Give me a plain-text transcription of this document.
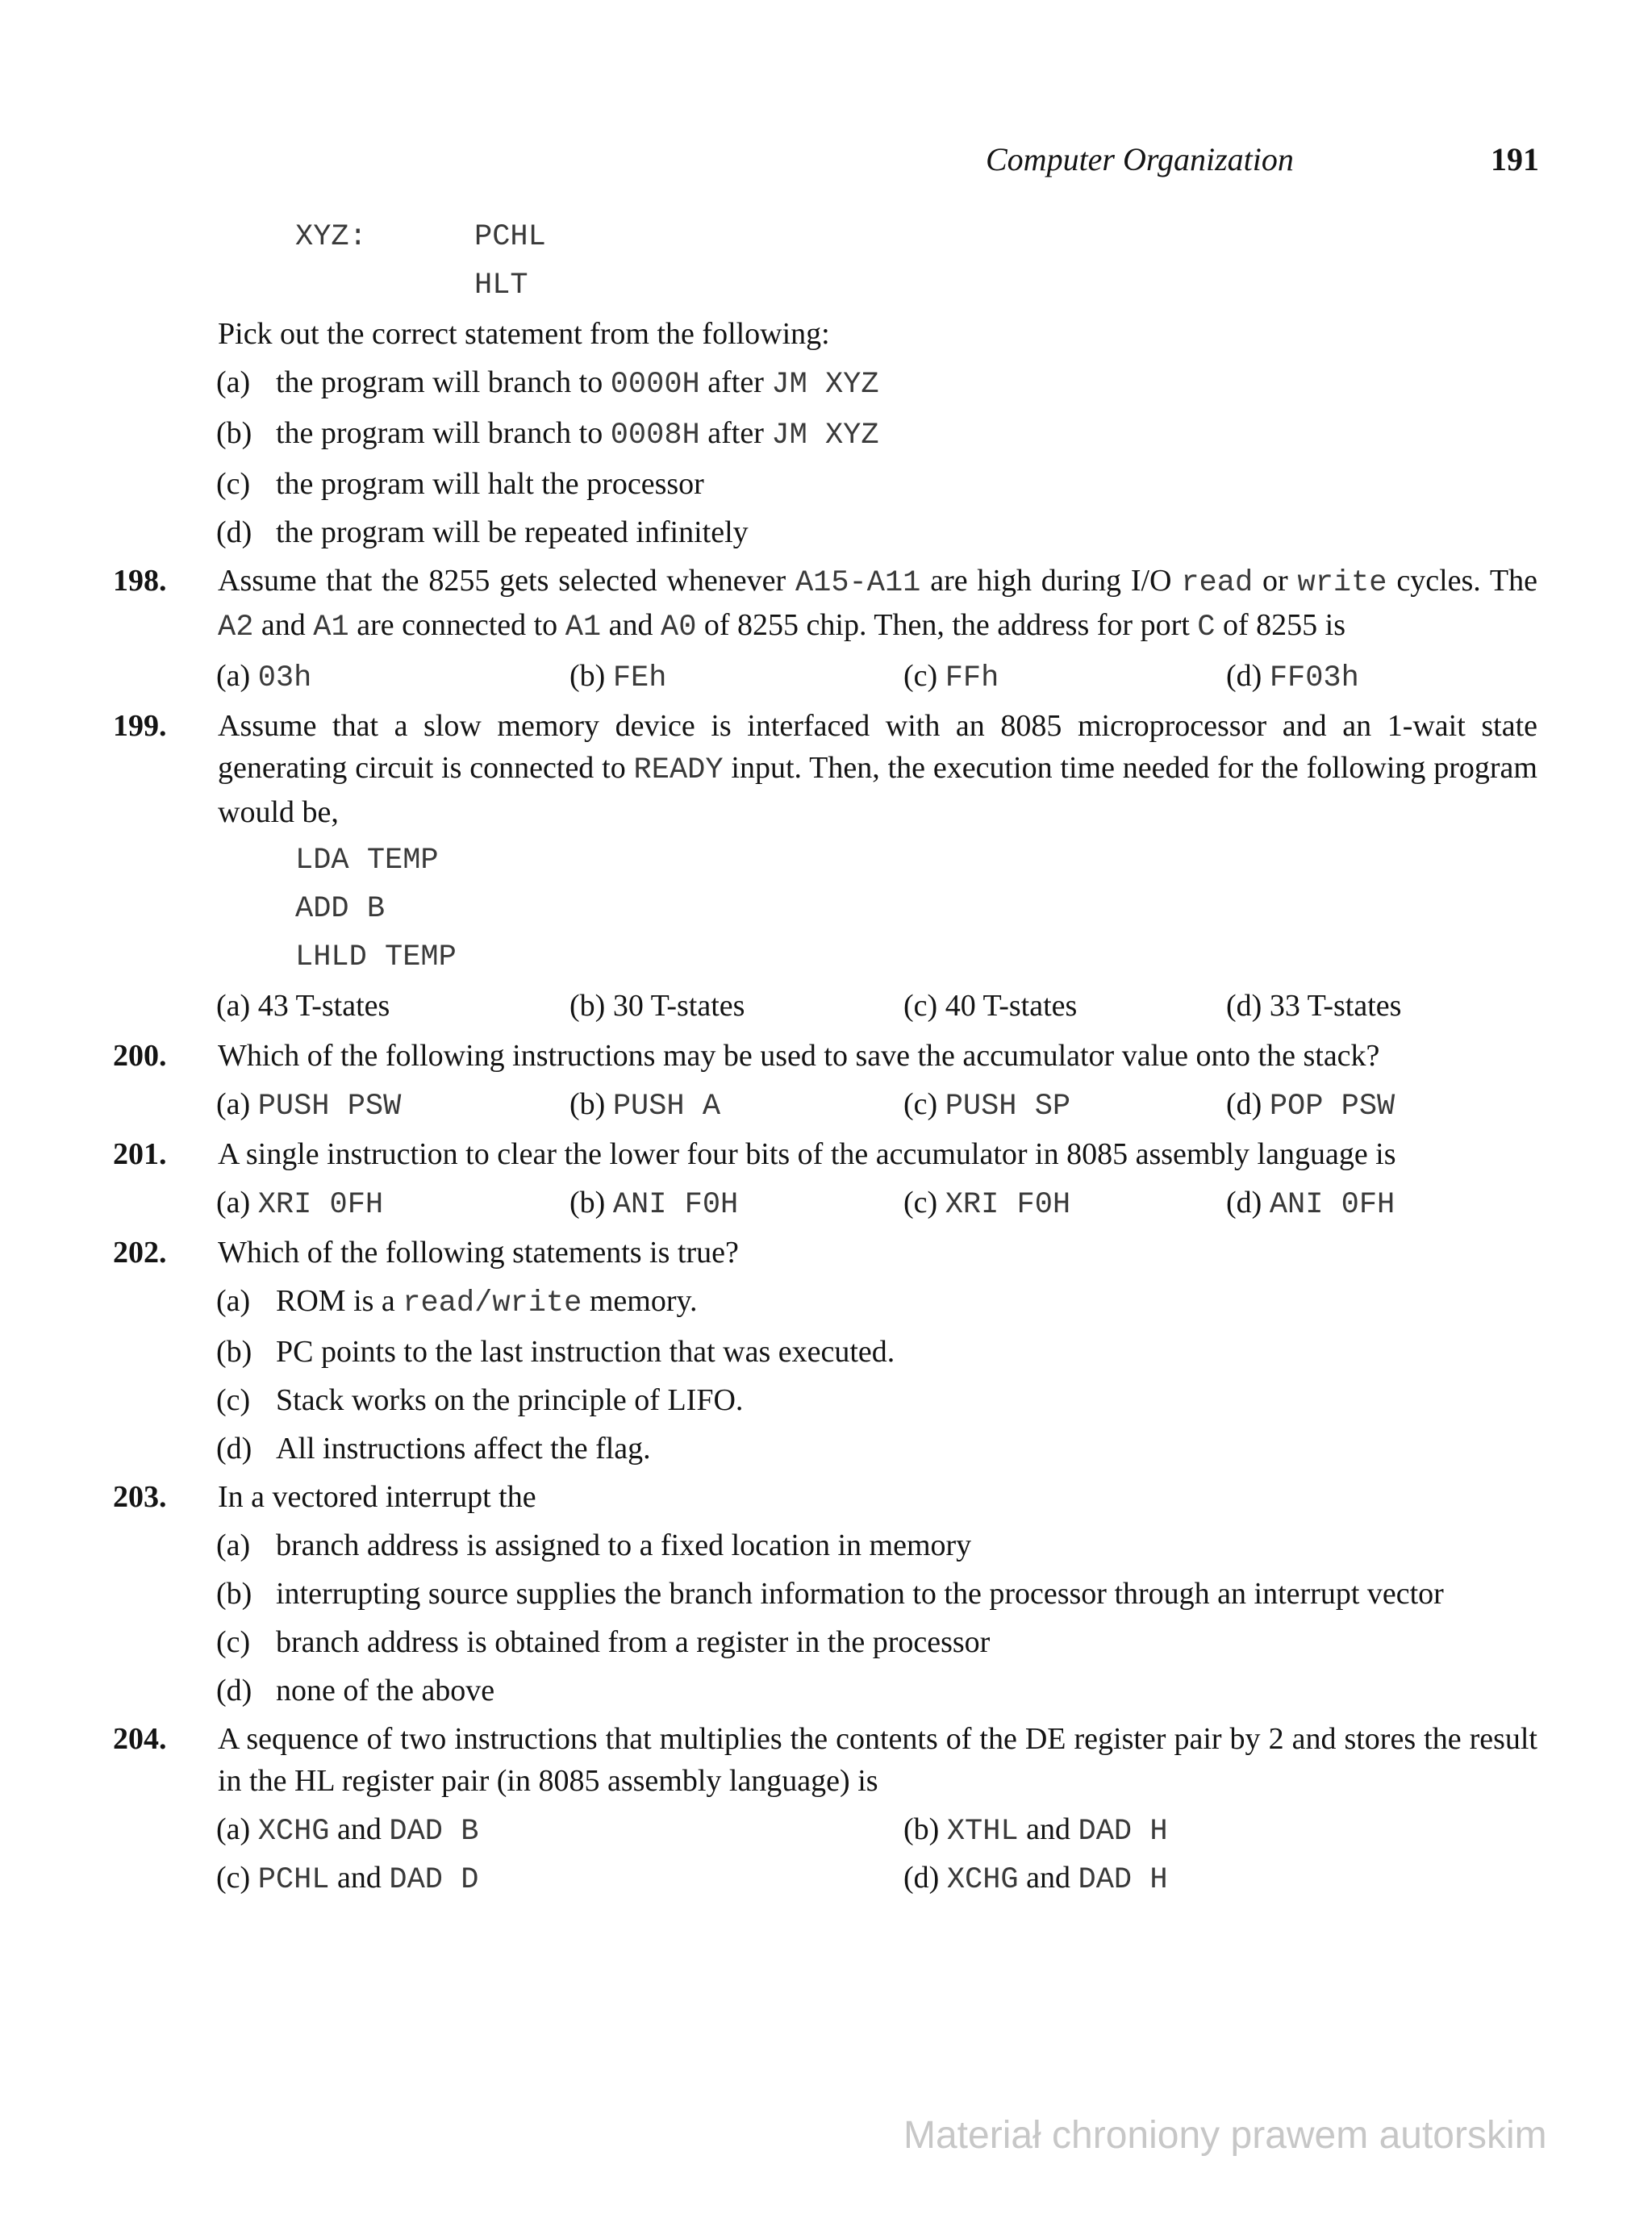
Computer Organization	191
XYZ:	PCHL
HLT
Pick out the correct statement from the following:
(a) the program will branch to 0000H after JM XYZ
(b) the program will branch to 0008H after JM XYZ
(c) the program will halt the processor
(d) the program will be repeated infinitely
198.	Assume that the 8255 gets selected whenever A15-A11 are high during I/O read or write cycles. The A2 and A1 are connected to A1 and A0 of 8255 chip. Then, the address for port C of 8255 is
(a) 03h	(b) FEh	(c) FFh	(d) FF03h
199.	Assume that a slow memory device is interfaced with an 8085 microprocessor and an 1-wait state generating circuit is connected to READY input. Then, the execution time needed for the following program would be,
LDA TEMP
ADD B
LHLD TEMP
(a) 43 T-states	(b) 30 T-states	(c) 40 T-states	(d) 33 T-states
200.	Which of the following instructions may be used to save the accumulator value onto the stack?
(a) PUSH PSW	(b) PUSH A	(c) PUSH SP	(d) POP PSW
201.	A single instruction to clear the lower four bits of the accumulator in 8085 assembly language is
(a) XRI 0FH	(b) ANI F0H	(c) XRI F0H	(d) ANI 0FH
202.	Which of the following statements is true?
(a) ROM is a read/write memory.
(b) PC points to the last instruction that was executed.
(c) Stack works on the principle of LIFO.
(d) All instructions affect the flag.
203.	In a vectored interrupt the
(a) branch address is assigned to a fixed location in memory
(b) interrupting source supplies the branch information to the processor through an interrupt vector
(c) branch address is obtained from a register in the processor
(d) none of the above
204.	A sequence of two instructions that multiplies the contents of the DE register pair by 2 and stores the result in the HL register pair (in 8085 assembly language) is
(a) XCHG and DAD B	(b) XTHL and DAD H
(c) PCHL and DAD D	(d) XCHG and DAD H
Materiał chroniony prawem autorskim
